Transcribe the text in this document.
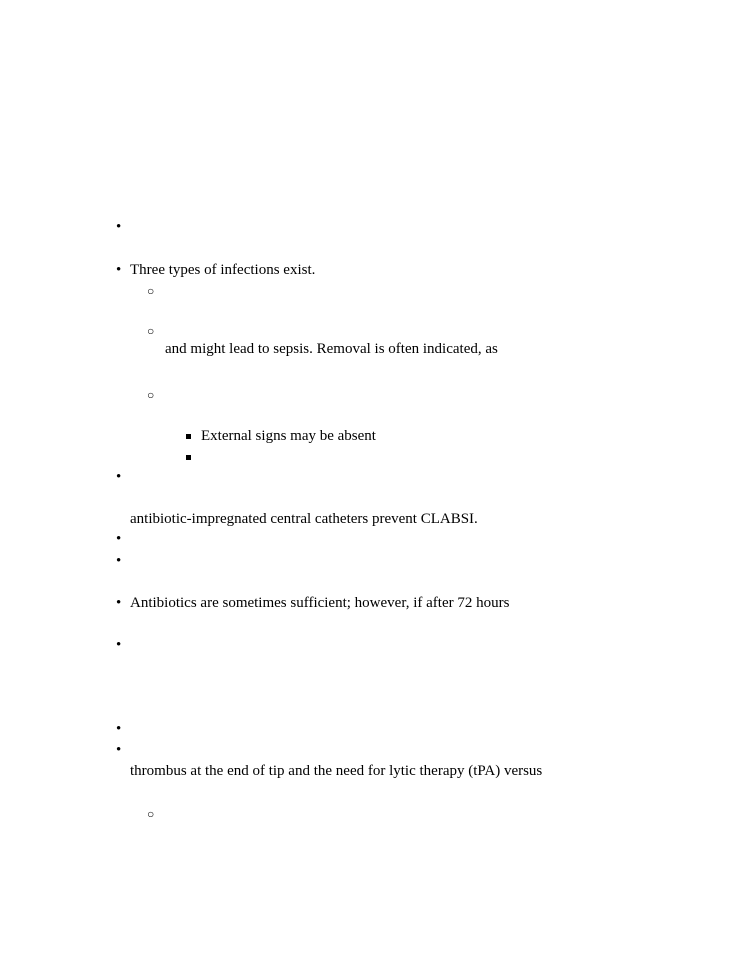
•
• Three types of infections exist.
○
○
and might lead to sepsis. Removal is often indicated, as
○
External signs may be absent
•
antibiotic-impregnated central catheters prevent CLABSI.
•
•
• Antibiotics are sometimes sufficient; however, if after 72 hours
•
•
•
thrombus at the end of tip and the need for lytic therapy (tPA) versus
○
